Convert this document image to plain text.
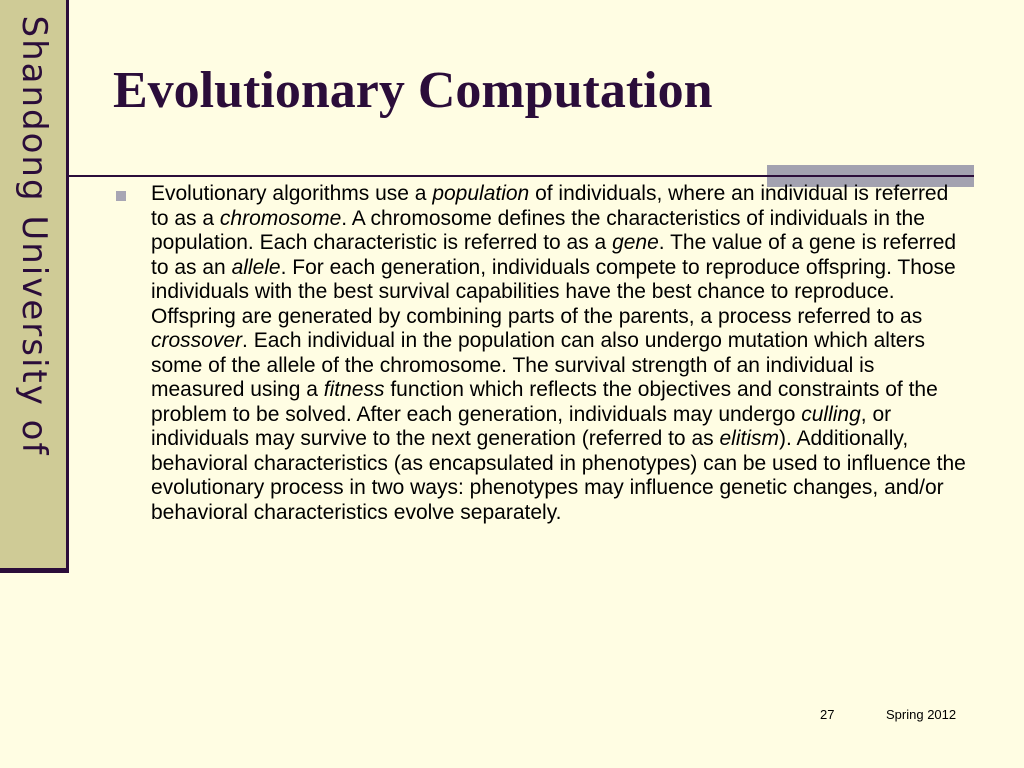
Shandong University of Evolutionary Computation

Evolutionary algorithms use a population of individuals, where an individual is referred to as a chromosome. A chromosome defines the characteristics of individuals in the population. Each characteristic is referred to as a gene. The value of a gene is referred to as an allele. For each generation, individuals compete to reproduce offspring. Those individuals with the best survival capabilities have the best chance to reproduce. Offspring are generated by combining parts of the parents, a process referred to as crossover. Each individual in the population can also undergo mutation which alters some of the allele of the chromosome. The survival strength of an individual is measured using a fitness function which reflects the objectives and constraints of the problem to be solved. After each generation, individuals may undergo culling, or individuals may survive to the next generation (referred to as elitism). Additionally, behavioral characteristics (as encapsulated in phenotypes) can be used to influence the evolutionary process in two ways: phenotypes may influence genetic changes, and/or behavioral characteristics evolve separately.

27	Spring 2012
